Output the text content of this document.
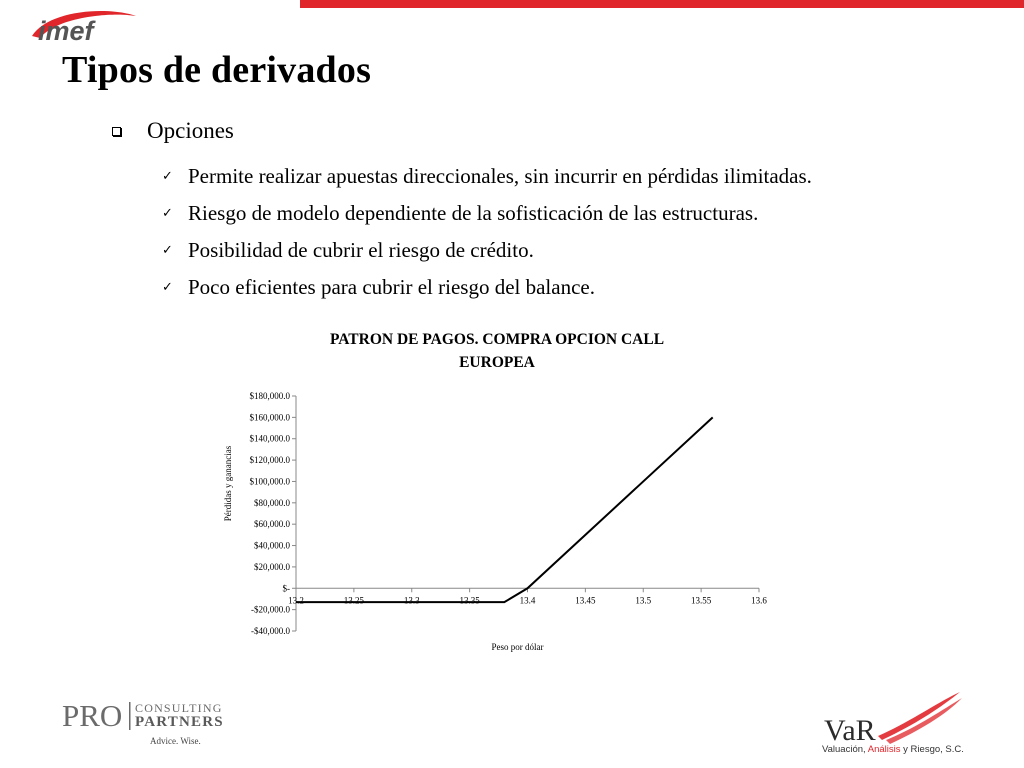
imef
Tipos de derivados
Opciones
✓ Permite realizar apuestas direccionales, sin incurrir en pérdidas ilimitadas.
✓ Riesgo de modelo dependiente de la sofisticación de las estructuras.
✓ Posibilidad de cubrir el riesgo de crédito.
✓ Poco eficientes para cubrir el riesgo del balance.
PATRON DE PAGOS. COMPRA OPCION CALL
EUROPEA
$180,000.0
$160,000.0
$140,000.0
$120,000.0
$100,000.0
$80,000.0
$60,000.0
$40,000.0
$20,000.0
$-
-$20,000.0
-$40,000.0
13.2	13.25	13.3	13.35	13.4	13.45	13.5	13.55	13.6
Peso por dólar
Pérdidas y ganancias
PRO CONSULTING
PARTNERS
Advice. Wise.	VaR
Valuación, Análisis y Riesgo, S.C.
